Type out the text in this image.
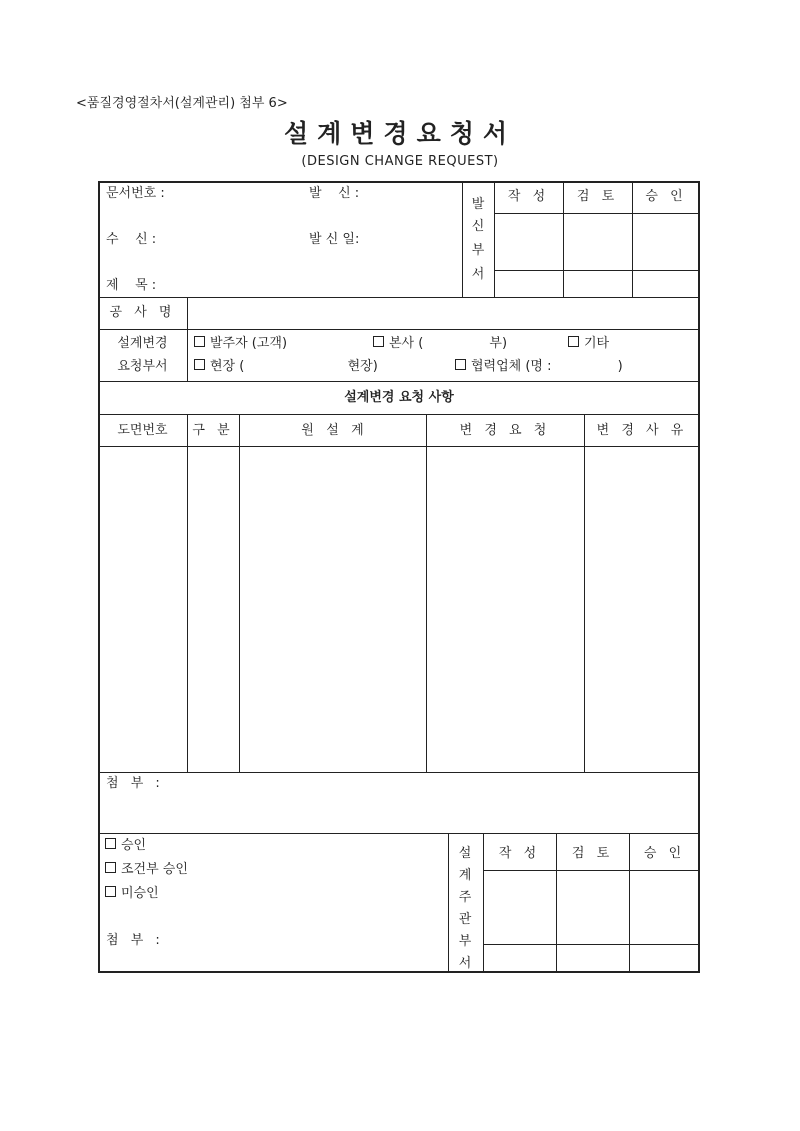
<품질경영절차서(설계관리) 첨부 6>
설계변경요청서
(DESIGN CHANGE REQUEST)
문서번호 :	발    신 :
수    신 :	발 신 일:
제    목 :
발
신
부
서
작 성	검 토	승 인
공 사 명
설계변경
요청부서
발주자 (고객)	본사 (                부)	기타
현장 (                         현장)	협력업체 (명 :                )
설계변경 요청 사항
도면번호	구 분	원   설   계	변 경 요 청	변 경 사 유
첨 부 :
승인
조건부 승인
미승인
첨 부 :
설
계
주
관
부
서
작 성	검 토	승 인
